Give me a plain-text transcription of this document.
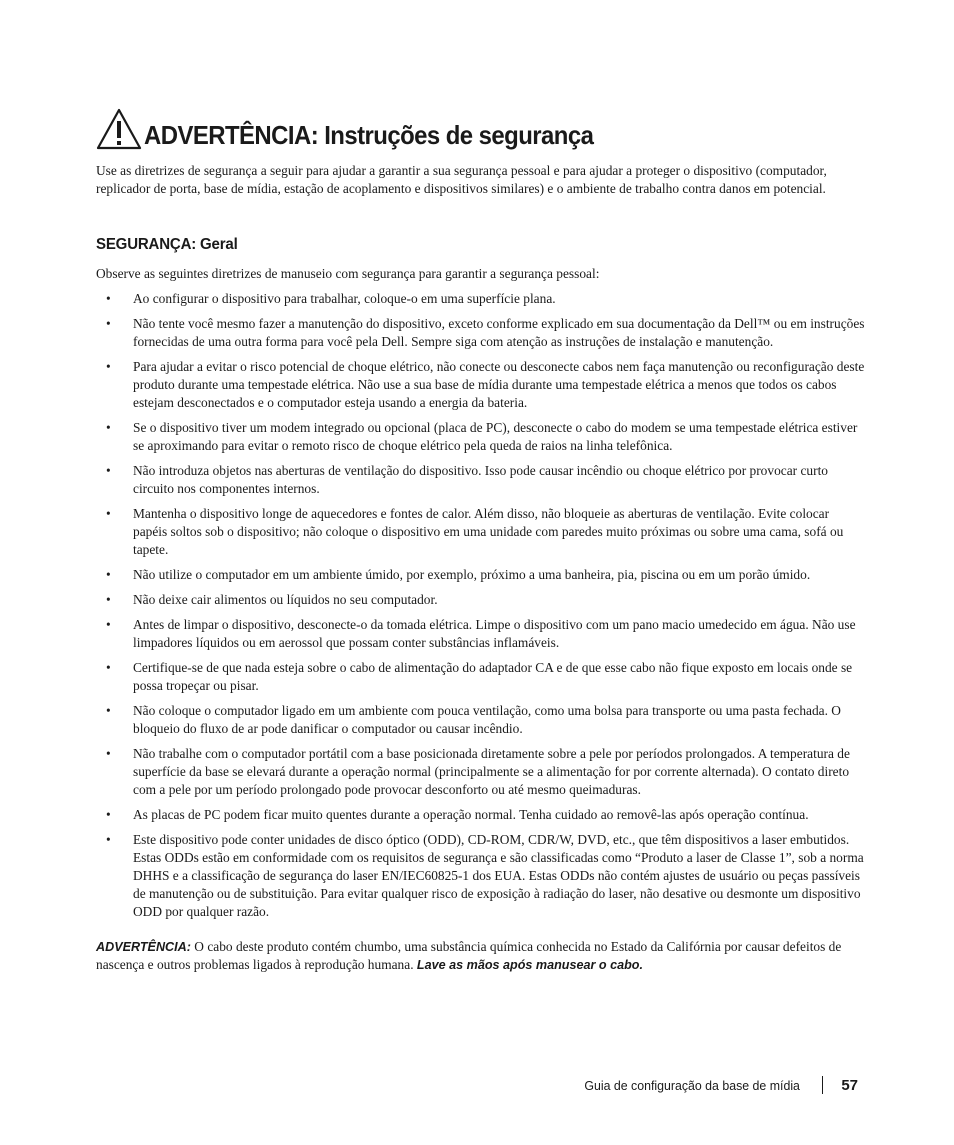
ADVERTÊNCIA: Instruções de segurança

Use as diretrizes de segurança a seguir para ajudar a garantir a sua segurança pessoal e para ajudar a proteger o dispositivo (computador, replicador de porta, base de mídia, estação de acoplamento e dispositivos similares) e o ambiente de trabalho contra danos em potencial.

SEGURANÇA: Geral

Observe as seguintes diretrizes de manuseio com segurança para garantir a segurança pessoal:

• Ao configurar o dispositivo para trabalhar, coloque-o em uma superfície plana.
• Não tente você mesmo fazer a manutenção do dispositivo, exceto conforme explicado em sua documentação da Dell™ ou em instruções fornecidas de uma outra forma para você pela Dell. Sempre siga com atenção as instruções de instalação e manutenção.
• Para ajudar a evitar o risco potencial de choque elétrico, não conecte ou desconecte cabos nem faça manutenção ou reconfiguração deste produto durante uma tempestade elétrica. Não use a sua base de mídia durante uma tempestade elétrica a menos que todos os cabos estejam desconectados e o computador esteja usando a energia da bateria.
• Se o dispositivo tiver um modem integrado ou opcional (placa de PC), desconecte o cabo do modem se uma tempestade elétrica estiver se aproximando para evitar o remoto risco de choque elétrico pela queda de raios na linha telefônica.
• Não introduza objetos nas aberturas de ventilação do dispositivo. Isso pode causar incêndio ou choque elétrico por provocar curto circuito nos componentes internos.
• Mantenha o dispositivo longe de aquecedores e fontes de calor. Além disso, não bloqueie as aberturas de ventilação. Evite colocar papéis soltos sob o dispositivo; não coloque o dispositivo em uma unidade com paredes muito próximas ou sobre uma cama, sofá ou tapete.
• Não utilize o computador em um ambiente úmido, por exemplo, próximo a uma banheira, pia, piscina ou em um porão úmido.
• Não deixe cair alimentos ou líquidos no seu computador.
• Antes de limpar o dispositivo, desconecte-o da tomada elétrica. Limpe o dispositivo com um pano macio umedecido em água. Não use limpadores líquidos ou em aerossol que possam conter substâncias inflamáveis.
• Certifique-se de que nada esteja sobre o cabo de alimentação do adaptador CA e de que esse cabo não fique exposto em locais onde se possa tropeçar ou pisar.
• Não coloque o computador ligado em um ambiente com pouca ventilação, como uma bolsa para transporte ou uma pasta fechada. O bloqueio do fluxo de ar pode danificar o computador ou causar incêndio.
• Não trabalhe com o computador portátil com a base posicionada diretamente sobre a pele por períodos prolongados. A temperatura de superfície da base se elevará durante a operação normal (principalmente se a alimentação for por corrente alternada). O contato direto com a pele por um período prolongado pode provocar desconforto ou até mesmo queimaduras.
• As placas de PC podem ficar muito quentes durante a operação normal. Tenha cuidado ao removê-las após operação contínua.
• Este dispositivo pode conter unidades de disco óptico (ODD), CD-ROM, CDR/W, DVD, etc., que têm dispositivos a laser embutidos. Estas ODDs estão em conformidade com os requisitos de segurança e são classificadas como “Produto a laser de Classe 1”, sob a norma DHHS e a classificação de segurança do laser EN/IEC60825-1 dos EUA. Estas ODDs não contém ajustes de usuário ou peças passíveis de manutenção ou de substituição. Para evitar qualquer risco de exposição à radiação do laser, não desative ou desmonte um dispositivo ODD por qualquer razão.

ADVERTÊNCIA: O cabo deste produto contém chumbo, uma substância química conhecida no Estado da Califórnia por causar defeitos de nascença e outros problemas ligados à reprodução humana. Lave as mãos após manusear o cabo.

Guia de configuração da base de mídia	57
